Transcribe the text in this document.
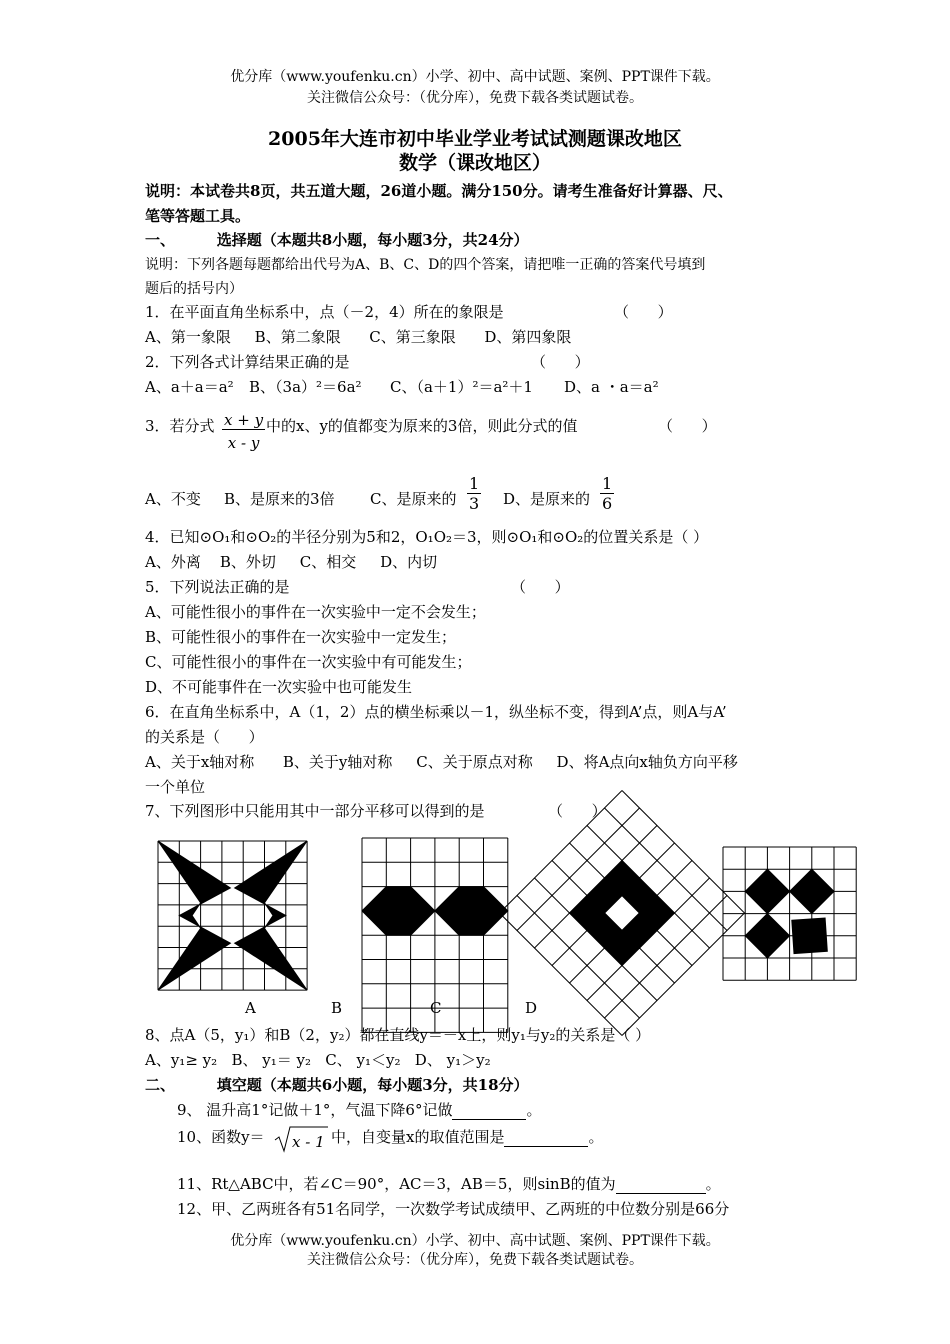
优分库（www.youfenku.cn）小学、初中、高中试题、案例、PPT课件下载。
关注微信公众号：（优分库），免费下载各类试题试卷。
2005年大连市初中毕业学业考试试测题课改地区
数学（课改地区）
说明：本试卷共8页，共五道大题，26道小题。满分150分。请考生准备好计算器、尺、
笔等答题工具。
一、        选择题（本题共8小题，每小题3分，共24分）
说明：下列各题每题都给出代号为A、B、C、D的四个答案，请把唯一正确的答案代号填到
题后的括号内）
1．在平面直角坐标系中，点（－2，4）所在的象限是	（      ）
A、第一象限     B、第二象限      C、第三象限      D、第四象限
2．下列各式计算结果正确的是	（      ）
A、a＋a＝a² B、（3a）²＝6a² C、（a＋1）²＝a²＋1 D、a ・a＝a²
3．若分式 $\frac{x + y}{x - y}$ 中的x、y的值都变为原来的3倍，则此分式的值	（      ）
A、不变 B、是原来的3倍 C、是原来的 $\frac{1}{3}$ D、是原来的 $\frac{1}{6}$
4．已知⊙O₁和⊙O₂的半径分别为5和2，O₁O₂＝3，则⊙O₁和⊙O₂的位置关系是（ ）
A、外离    B、外切     C、相交     D、内切
5．下列说法正确的是	（      ）
A、可能性很小的事件在一次实验中一定不会发生；
B、可能性很小的事件在一次实验中一定发生；
C、可能性很小的事件在一次实验中有可能发生；
D、不可能事件在一次实验中也可能发生
6．在直角坐标系中，A（1，2）点的横坐标乘以－1，纵坐标不变，得到A’点，则A与A’
的关系是（      ）
A、关于x轴对称      B、关于y轴对称     C、关于原点对称     D、将A点向x轴负方向平移
一个单位
7、下列图形中只能用其中一部分平移可以得到的是	（      ）
A	B	C	D
8、点A（5，y₁）和B（2，y₂）都在直线y＝－x上，则y₁与y₂的关系是（ ）
A、y₁≥ y₂   B、 y₁＝ y₂   C、 y₁＜y₂   D、 y₁＞y₂
二、        填空题（本题共6小题，每小题3分，共18分）
9、 温升高1°记做＋1°，气温下降6°记做	。
10、函数y＝ x - 1 中，自变量x的取值范围是	。
11、Rt△ABC中，若∠C＝90°，AC＝3，AB＝5，则sinB的值为	。
12、甲、乙两班各有51名同学，一次数学考试成绩甲、乙两班的中位数分别是66分
优分库（www.youfenku.cn）小学、初中、高中试题、案例、PPT课件下载。
关注微信公众号：（优分库），免费下载各类试题试卷。
